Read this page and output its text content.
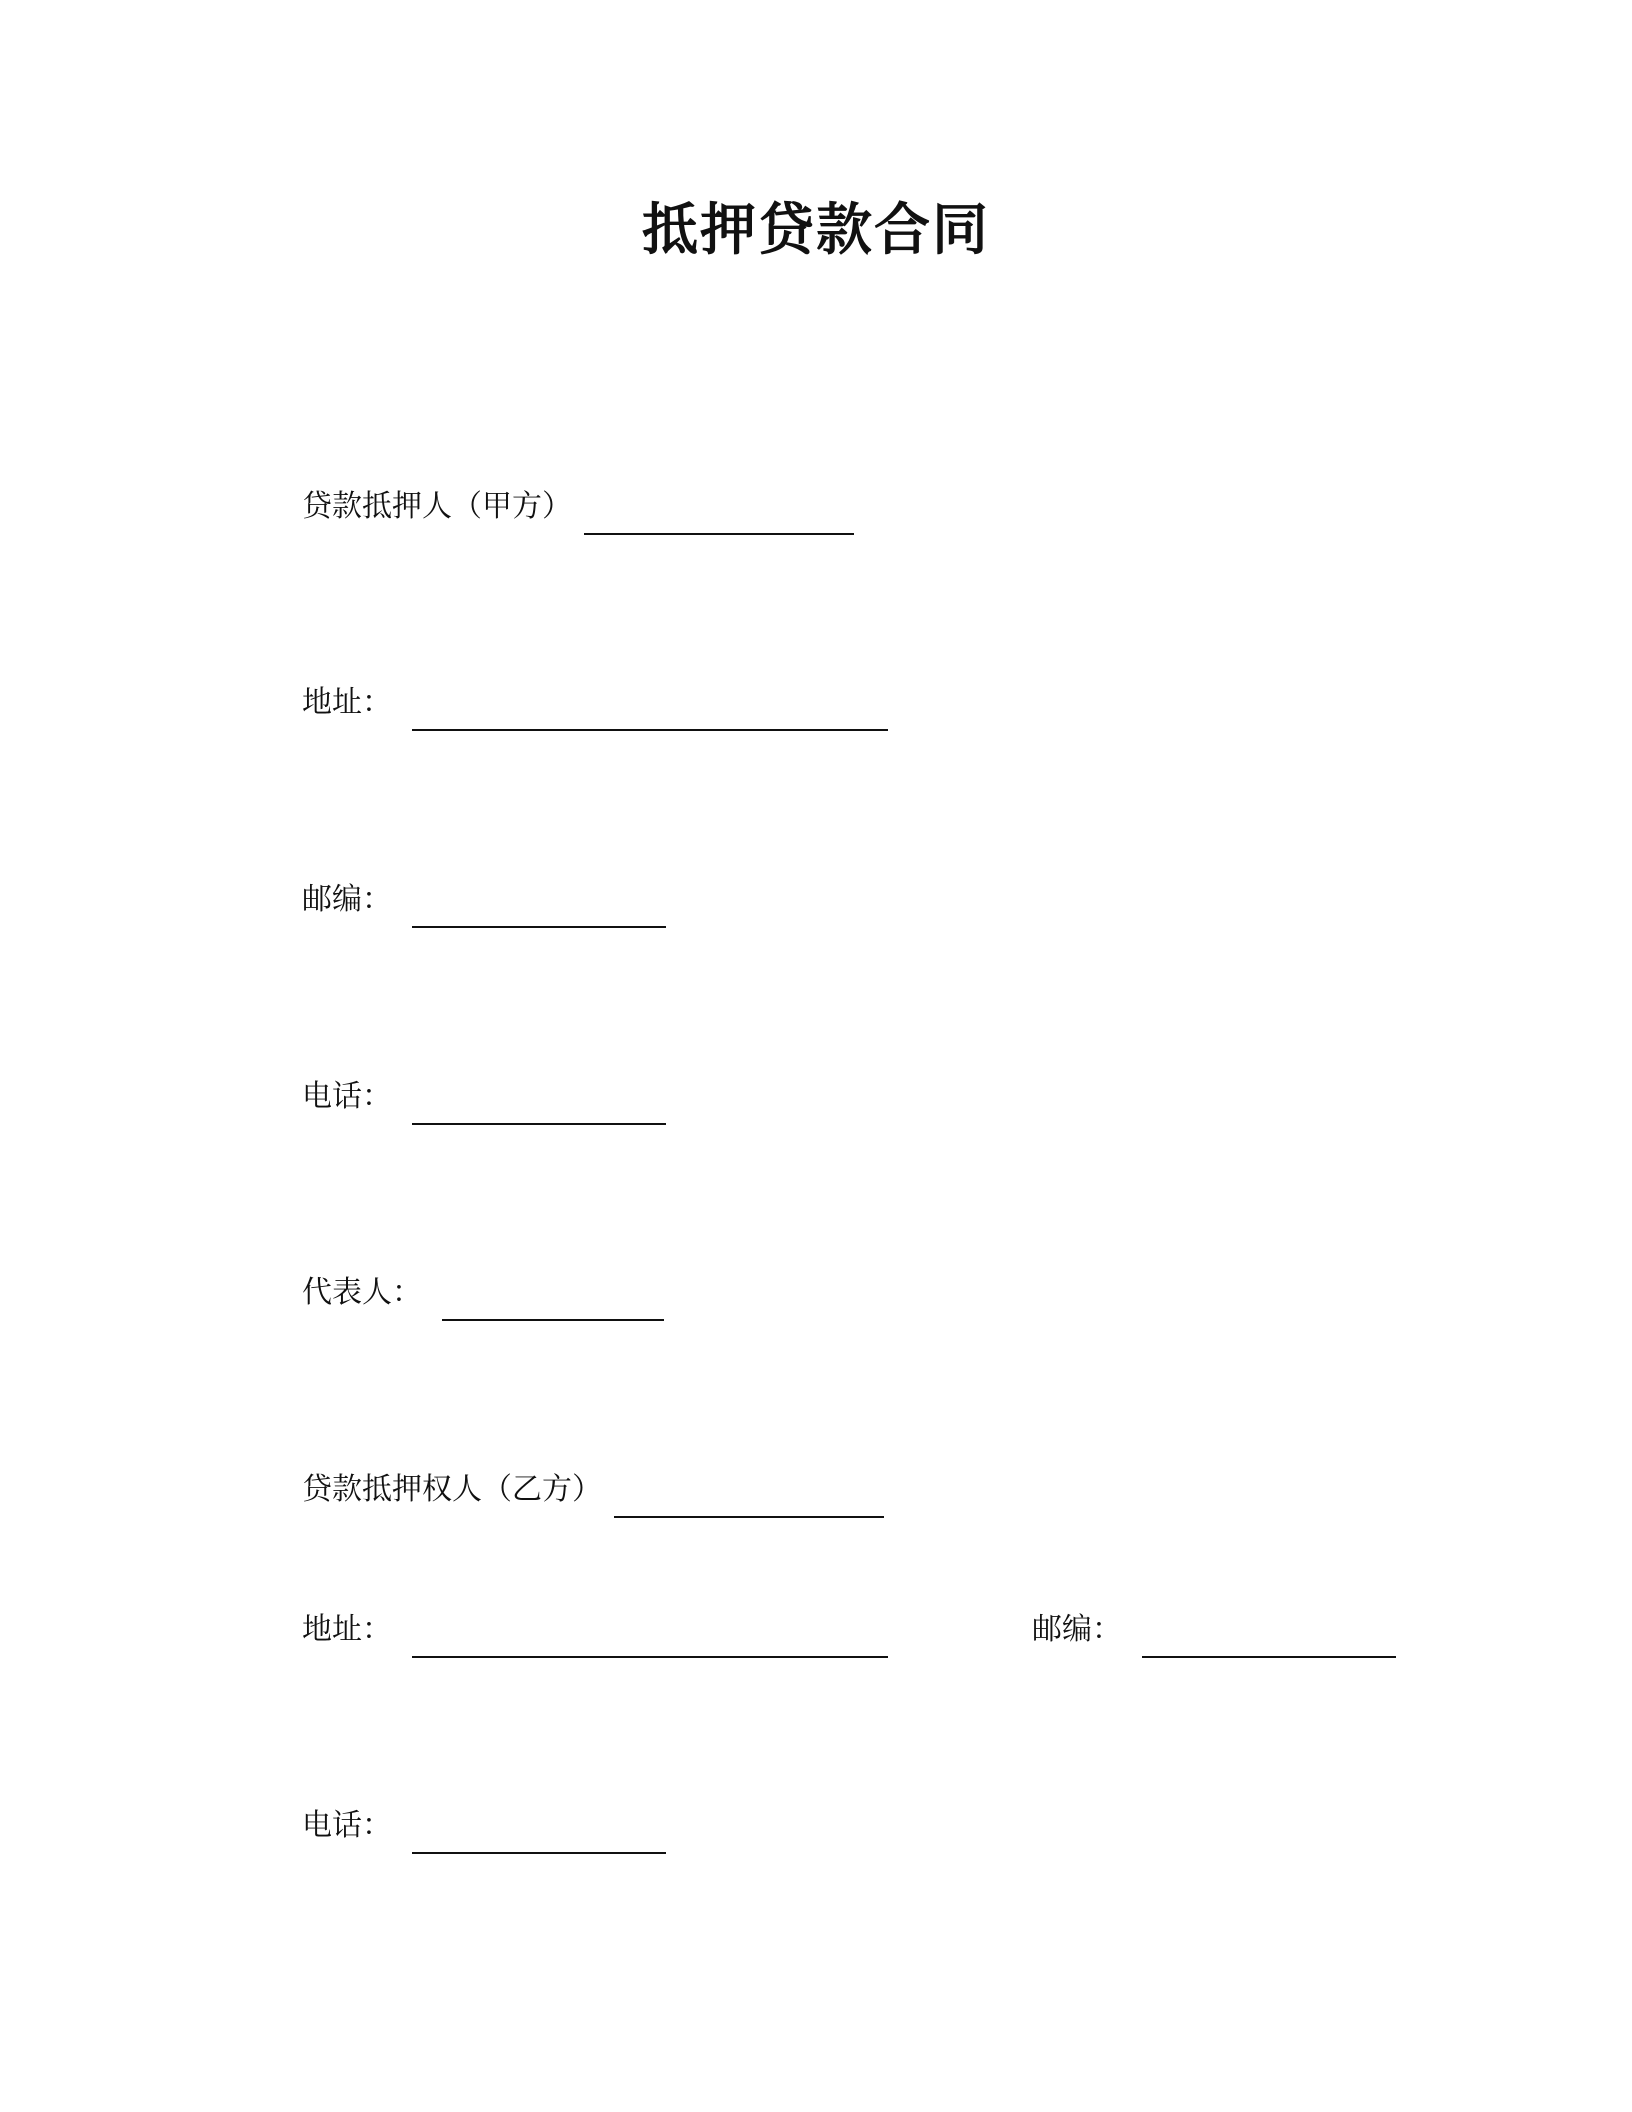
抵押贷款合同
贷款抵押人（甲方）
地址：
邮编：
电话：
代表人：
贷款抵押权人（乙方）
地址：	邮编：
电话：
